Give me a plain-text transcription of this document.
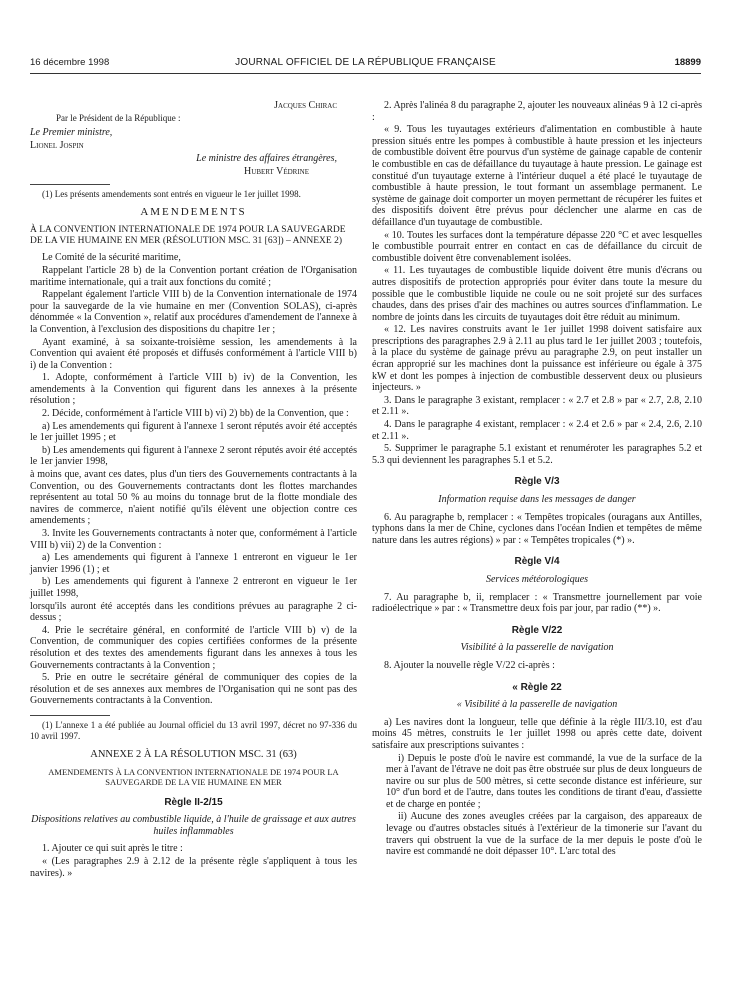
16 décembre 1998	JOURNAL OFFICIEL DE LA RÉPUBLIQUE FRANÇAISE	18899

Jacques Chirac

Par le Président de la République :

Le Premier ministre,

Lionel Jospin

Le ministre des affaires étrangères,

Hubert Védrine

(1) Les présents amendements sont entrés en vigueur le 1er juillet 1998.

AMENDEMENTS

À LA CONVENTION INTERNATIONALE DE 1974 POUR LA SAUVEGARDE DE LA VIE HUMAINE EN MER (RÉSOLUTION MSC. 31 [63]) – ANNEXE 2)

Le Comité de la sécurité maritime,

Rappelant l'article 28 b) de la Convention portant création de l'Organisation maritime internationale, qui a trait aux fonctions du comité ;

Rappelant également l'article VIII b) de la Convention internationale de 1974 pour la sauvegarde de la vie humaine en mer (Convention SOLAS), ci-après dénommée « la Convention », relatif aux procédures d'amendement de l'annexe à la Convention, à l'exclusion des dispositions du chapitre 1er ;

Ayant examiné, à sa soixante-troisième session, les amendements à la Convention qui avaient été proposés et diffusés conformément à l'article VIII b) i) de la Convention :

1. Adopte, conformément à l'article VIII b) iv) de la Convention, les amendements à la Convention qui figurent dans les annexes à la présente résolution ;

2. Décide, conformément à l'article VIII b) vi) 2) bb) de la Convention, que :

a) Les amendements qui figurent à l'annexe 1 seront réputés avoir été acceptés le 1er juillet 1995 ; et

b) Les amendements qui figurent à l'annexe 2 seront réputés avoir été acceptés le 1er janvier 1998,

à moins que, avant ces dates, plus d'un tiers des Gouvernements contractants à la Convention, ou des Gouvernements contractants dont les flottes marchandes représentent au total 50 % au moins du tonnage brut de la flotte mondiale des navires de commerce, n'aient notifié qu'ils élèvent une objection contre ces amendements ;

3. Invite les Gouvernements contractants à noter que, conformément à l'article VIII b) vii) 2) de la Convention :

a) Les amendements qui figurent à l'annexe 1 entreront en vigueur le 1er janvier 1996 (1) ; et

b) Les amendements qui figurent à l'annexe 2 entreront en vigueur le 1er juillet 1998,

lorsqu'ils auront été acceptés dans les conditions prévues au paragraphe 2 ci-dessus ;

4. Prie le secrétaire général, en conformité de l'article VIII b) v) de la Convention, de communiquer des copies certifiées conformes de la présente résolution et des textes des amendements figurant dans les annexes à tous les Gouvernements contractants à la Convention ;

5. Prie en outre le secrétaire général de communiquer des copies de la résolution et de ses annexes aux membres de l'Organisation qui ne sont pas des Gouvernements contractants à la Convention.

(1) L'annexe 1 a été publiée au Journal officiel du 13 avril 1997, décret no 97-336 du 10 avril 1997.

ANNEXE 2 À LA RÉSOLUTION MSC. 31 (63)

AMENDEMENTS À LA CONVENTION INTERNATIONALE DE 1974 POUR LA SAUVEGARDE DE LA VIE HUMAINE EN MER

Règle II-2/15

Dispositions relatives au combustible liquide, à l'huile de graissage et aux autres huiles inflammables

1. Ajouter ce qui suit après le titre :

« (Les paragraphes 2.9 à 2.12 de la présente règle s'appliquent à tous les navires). »

2. Après l'alinéa 8 du paragraphe 2, ajouter les nouveaux alinéas 9 à 12 ci-après :

« 9. Tous les tuyautages extérieurs d'alimentation en combustible à haute pression situés entre les pompes à combustible à haute pression et les injecteurs de combustible doivent être pourvus d'un système de gainage capable de contenir le combustible en cas de défaillance du tuyautage à haute pression. Le gainage est constitué d'un tuyautage externe à l'intérieur duquel a été placé le tuyautage de combustible à haute pression, le tout formant un assemblage permanent. Le système de gainage doit comporter un moyen permettant de récupérer les fuites et des dispositifs doivent être prévus pour déclencher une alarme en cas de défaillance d'un tuyautage de combustible.

« 10. Toutes les surfaces dont la température dépasse 220 °C et avec lesquelles le combustible pourrait entrer en contact en cas de défaillance du circuit de combustible doivent être convenablement isolées.

« 11. Les tuyautages de combustible liquide doivent être munis d'écrans ou autres dispositifs de protection appropriés pour éviter dans toute la mesure du possible que le combustible liquide ne coule ou ne soit projeté sur des surfaces chaudes, dans des prises d'air des machines ou autres sources d'inflammation. Le nombre de joints dans les circuits de tuyautages doit être réduit au minimum.

« 12. Les navires construits avant le 1er juillet 1998 doivent satisfaire aux prescriptions des paragraphes 2.9 à 2.11 au plus tard le 1er juillet 2003 ; toutefois, à la place du système de gainage prévu au paragraphe 2.9, on peut installer un écran approprié sur les machines dont la puissance est inférieure ou égale à 375 kW et dont les pompes à injection de combustible desservent deux ou plusieurs injecteurs. »

3. Dans le paragraphe 3 existant, remplacer : « 2.7 et 2.8 » par « 2.7, 2.8, 2.10 et 2.11 ».

4. Dans le paragraphe 4 existant, remplacer : « 2.4 et 2.6 » par « 2.4, 2.6, 2.10 et 2.11 ».

5. Supprimer le paragraphe 5.1 existant et renuméroter les paragraphes 5.2 et 5.3 qui deviennent les paragraphes 5.1 et 5.2.

Règle V/3

Information requise dans les messages de danger

6. Au paragraphe b, remplacer : « Tempêtes tropicales (ouragans aux Antilles, typhons dans la mer de Chine, cyclones dans l'océan Indien et tempêtes de même nature dans les autres régions) » par : « Tempêtes tropicales (*) ».

Règle V/4

Services météorologiques

7. Au paragraphe b, ii, remplacer : « Transmettre journellement par voie radioélectrique » par : « Transmettre deux fois par jour, par radio (**) ».

Règle V/22

Visibilité à la passerelle de navigation

8. Ajouter la nouvelle règle V/22 ci-après :

« Règle 22

« Visibilité à la passerelle de navigation

a) Les navires dont la longueur, telle que définie à la règle III/3.10, est d'au moins 45 mètres, construits le 1er juillet 1998 ou après cette date, doivent satisfaire aux prescriptions suivantes :

i) Depuis le poste d'où le navire est commandé, la vue de la surface de la mer à l'avant de l'étrave ne doit pas être obstruée sur plus de deux longueurs de navire ou sur plus de 500 mètres, si cette seconde distance est inférieure, sur 10° d'un bord et de l'autre, dans toutes les conditions de tirant d'eau, d'assiette et de charge en pontée ;

ii) Aucune des zones aveugles créées par la cargaison, des appareaux de levage ou d'autres obstacles situés à l'extérieur de la timonerie sur l'avant du travers qui obstruent la vue de la surface de la mer depuis le poste d'où le navire est commandé ne doit dépasser 10°. L'arc total des
